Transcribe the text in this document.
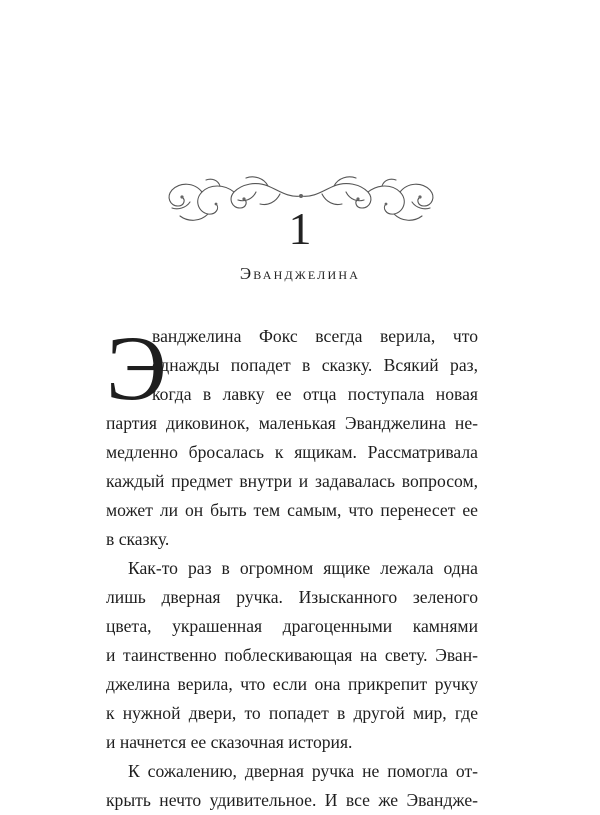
1
Эванджелина
Э
ванджелина Фокс всегда верила, что
однажды попадет в сказку. Всякий раз,
когда в лавку ее отца поступала новая
партия диковинок, маленькая Эванджелина не-
медленно бросалась к ящикам. Рассматривала
каждый предмет внутри и задавалась вопросом,
может ли он быть тем самым, что перенесет ее
в сказку.
Как-то раз в огромном ящике лежала одна
лишь дверная ручка. Изысканного зеленого
цвета, украшенная драгоценными камнями
и таинственно поблескивающая на свету. Эван-
джелина верила, что если она прикрепит ручку
к нужной двери, то попадет в другой мир, где
и начнется ее сказочная история.
К сожалению, дверная ручка не помогла от-
крыть нечто удивительное. И все же Эвандже-
